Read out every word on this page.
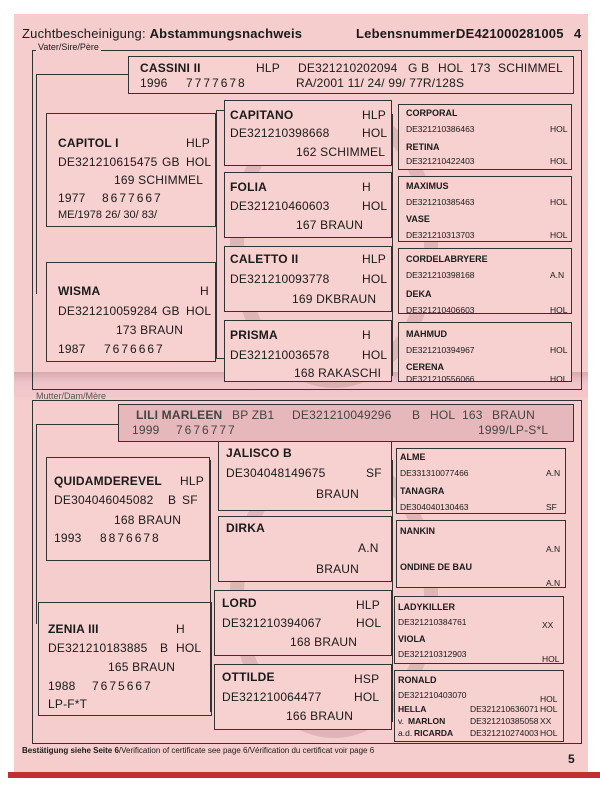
Zuchtbescheinigung: Abstammungsnachweis	Lebensnummer:
DE421000281005 4
Vater/Sire/Père
CASSINI II	HLP DE321210202094 G B HOL 173 SCHIMMEL
1996 7777678	RA/2001 11/ 24/ 99/ 77R/128S
CAPITOL I	HLP
DE321210615475 GB HOL
169 SCHIMMEL
1977 8677667
ME/1978 26/ 30/ 83/
WISMA	H
DE321210059284 GB HOL
173 BRAUN
1987 7676667
CAPITANO	HLP
DE321210398668	HOL
162 SCHIMMEL
FOLIA	H
DE321210460603	HOL
167 BRAUN
CALETTO II	HLP
DE321210093778	HOL
169 DKBRAUN
PRISMA	H
DE321210036578	HOL
168 RAKASCHI
CORPORAL
DE321210386463	HOL
RETINA
DE321210422403	HOL
MAXIMUS
DE321210385463	HOL
VASE
DE321210313703	HOL
CORDELABRYERE
DE321210398168	A.N
DEKA
DE321210406603	HOL
MAHMUD
DE321210394967	HOL
CERENA
DE321210556066	HOL
Mutter/Dam/Mère
LILI MARLEEN BP ZB1 DE321210049296 B HOL 163 BRAUN
1999 7676777	1999/LP-S*L
QUIDAMDEREVEL HLP
DE304046045082 B SF
168 BRAUN
1993 8876678
ZENIA III	H
DE321210183885 B HOL
165 BRAUN
1988 7675667
LP-F*T
JALISCO B
DE304048149675	SF
BRAUN
DIRKA
A.N
BRAUN
LORD	HLP
DE321210394067	HOL
168 BRAUN
OTTILDE	HSP
DE321210064477	HOL
166 BRAUN
ALME
DE331310077466	A.N
TANAGRA
DE304040130463	SF
NANKIN
A.N
ONDINE DE BAU
A.N
LADYKILLER
DE321210384761	XX
VIOLA
DE321210312903	HOL
RONALD
DE321210403070	HOL
HELLA	DE321210636071 HOL
v. MARLON	DE321210385058 XX
a.d. RICARDA DE321210274003 HOL
Bestätigung siehe Seite 6/Verification of certificate see page 6/Vérification du certificat voir page 6
5
